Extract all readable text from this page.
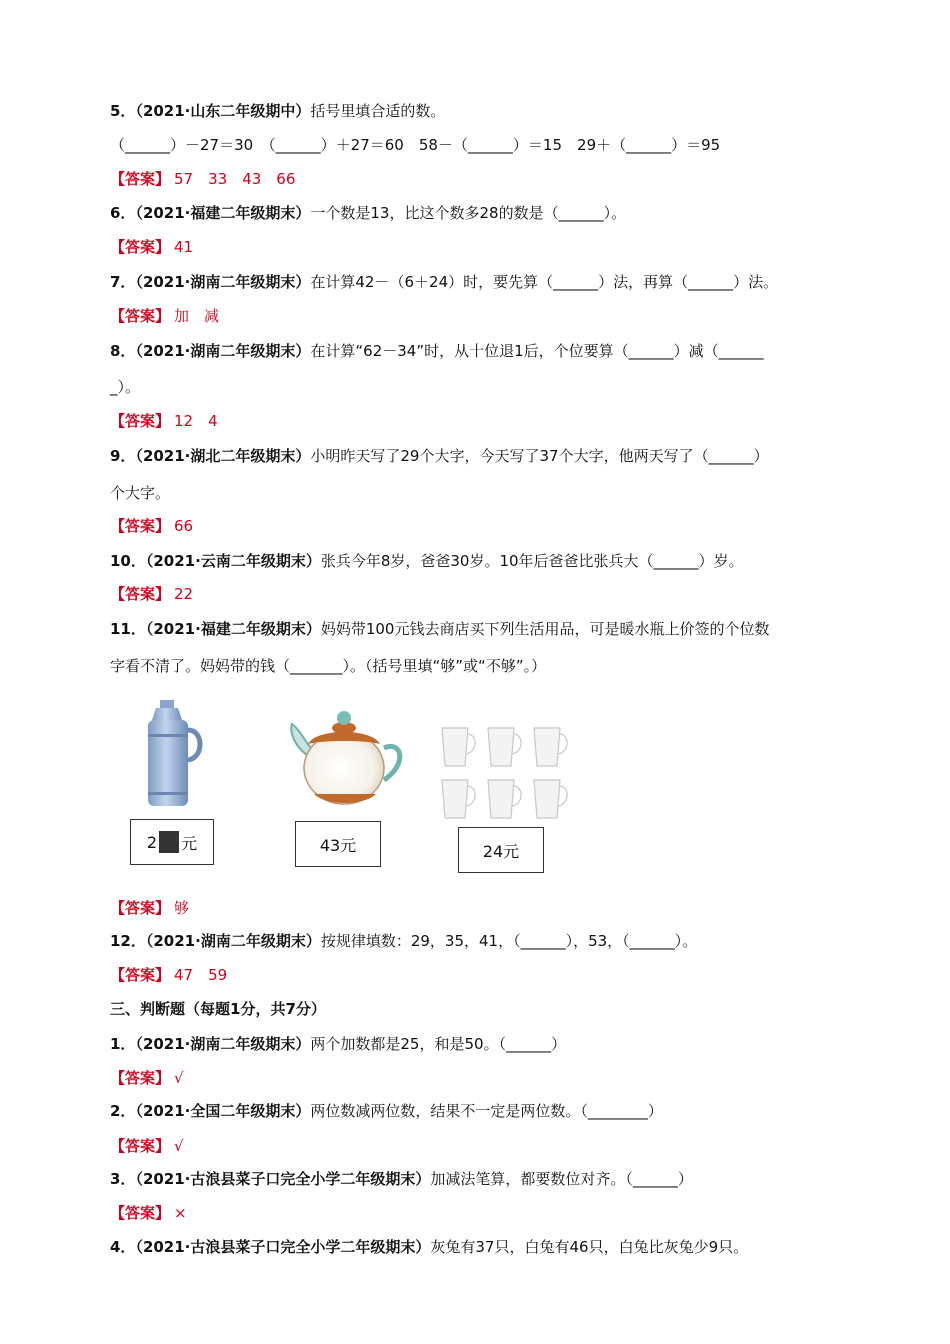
5．（2021·山东二年级期中）括号里填合适的数。
（______）－27＝30　（______）＋27＝60　58－（______）＝15　29＋（______）＝95
【答案】 57　33　43　66
6．（2021·福建二年级期末）一个数是13，比这个数多28的数是（______）。
【答案】 41
7．（2021·湖南二年级期末）在计算42－（6＋24）时，要先算（______）法，再算（______）法。
【答案】 加　减
8．（2021·湖南二年级期末）在计算“62－34”时，从十位退1后，个位要算（______）减（______
_）。
【答案】 12　4
9．（2021·湖北二年级期末）小明昨天写了29个大字，今天写了37个大字，他两天写了（______）
个大字。
【答案】 66
10．（2021·云南二年级期末）张兵今年8岁，爸爸30岁。10年后爸爸比张兵大（______）岁。
【答案】 22
11．（2021·福建二年级期末）妈妈带100元钱去商店买下列生活用品，可是暖水瓶上价签的个位数
字看不清了。妈妈带的钱（_______）。（括号里填“够”或“不够”。）
2 元	43元	24元
【答案】 够
12．（2021·湖南二年级期末）按规律填数：29，35，41，（______），53，（______）。
【答案】 47　59
三、判断题（每题1分，共7分）
1．（2021·湖南二年级期末）两个加数都是25，和是50。（______）
【答案】 √
2．（2021·全国二年级期末）两位数减两位数，结果不一定是两位数。（________）
【答案】 √
3．（2021·古浪县菜子口完全小学二年级期末）加减法笔算，都要数位对齐。（______）
【答案】 ×
4．（2021·古浪县菜子口完全小学二年级期末）灰兔有37只，白兔有46只，白兔比灰兔少9只。
